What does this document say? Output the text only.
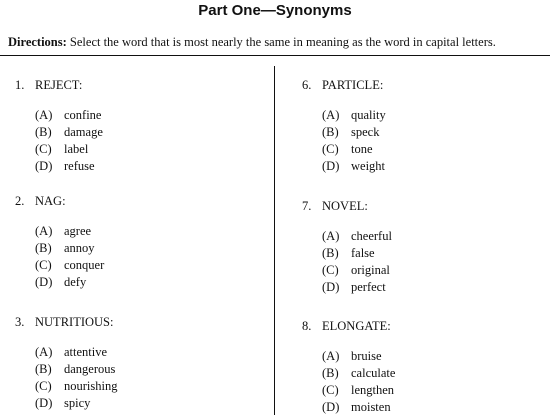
Part One—Synonyms
Directions: Select the word that is most nearly the same in meaning as the word in capital letters.
1. REJECT:
(A) confine
(B) damage
(C) label
(D) refuse
2. NAG:
(A) agree
(B) annoy
(C) conquer
(D) defy
3. NUTRITIOUS:
(A) attentive
(B) dangerous
(C) nourishing
(D) spicy
6. PARTICLE:
(A) quality
(B) speck
(C) tone
(D) weight
7. NOVEL:
(A) cheerful
(B) false
(C) original
(D) perfect
8. ELONGATE:
(A) bruise
(B) calculate
(C) lengthen
(D) moisten
